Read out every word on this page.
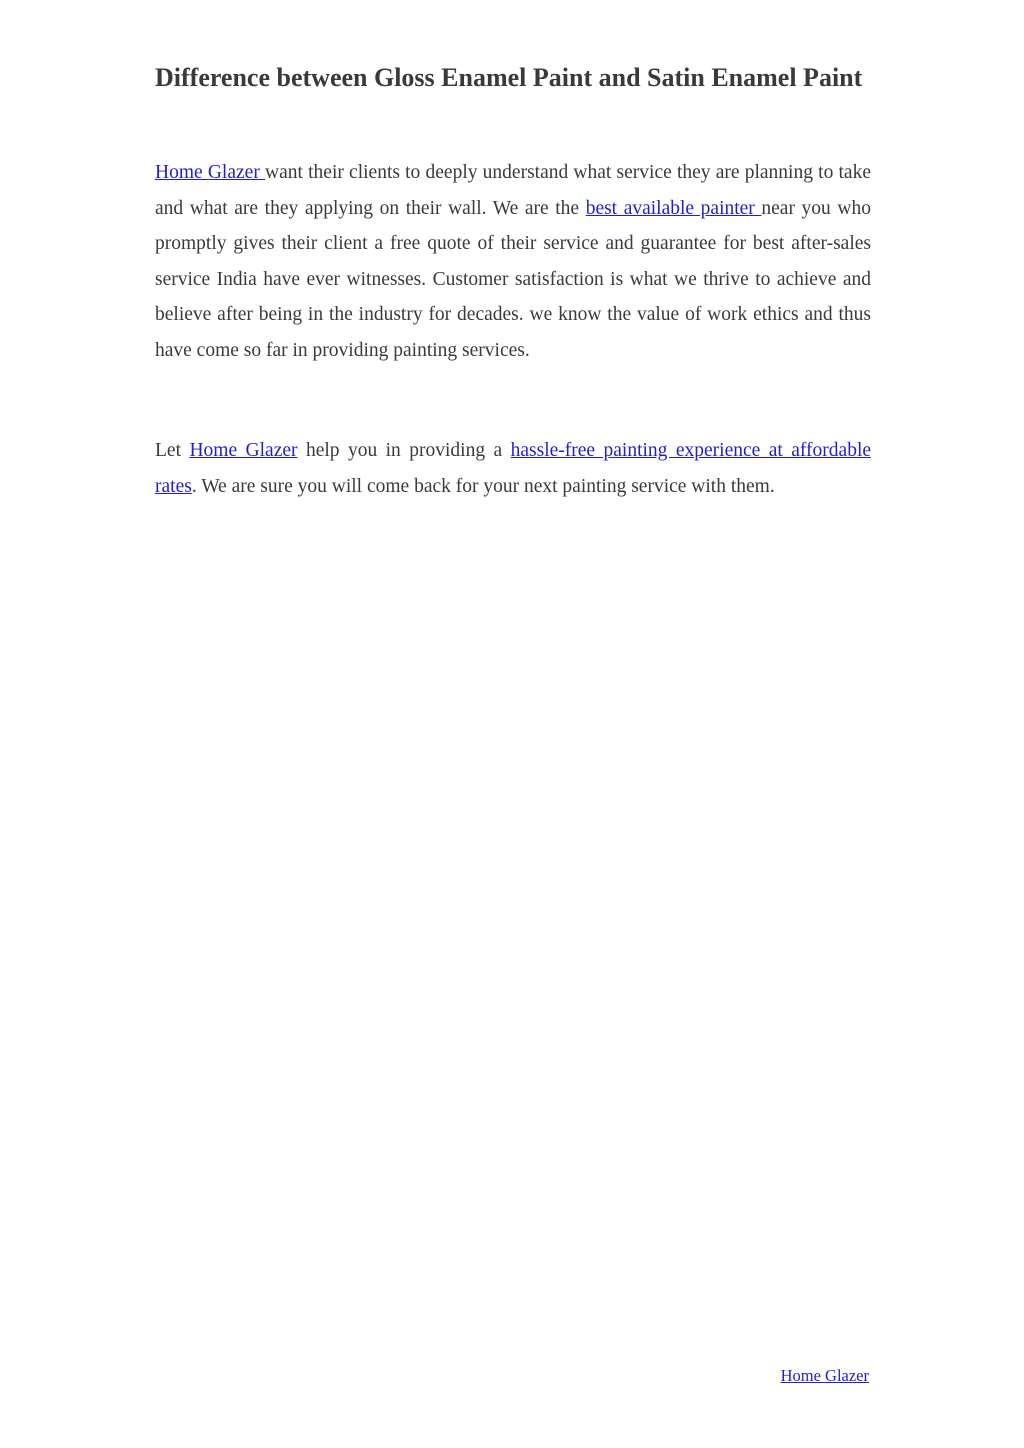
Difference between Gloss Enamel Paint and Satin Enamel Paint

Home Glazer want their clients to deeply understand what service they are planning to take and what are they applying on their wall. We are the best available painter near you who promptly gives their client a free quote of their service and guarantee for best after-sales service India have ever witnesses. Customer satisfaction is what we thrive to achieve and believe after being in the industry for decades. we know the value of work ethics and thus have come so far in providing painting services.

Let Home Glazer help you in providing a hassle-free painting experience at affordable rates. We are sure you will come back for your next painting service with them.

Home Glazer
